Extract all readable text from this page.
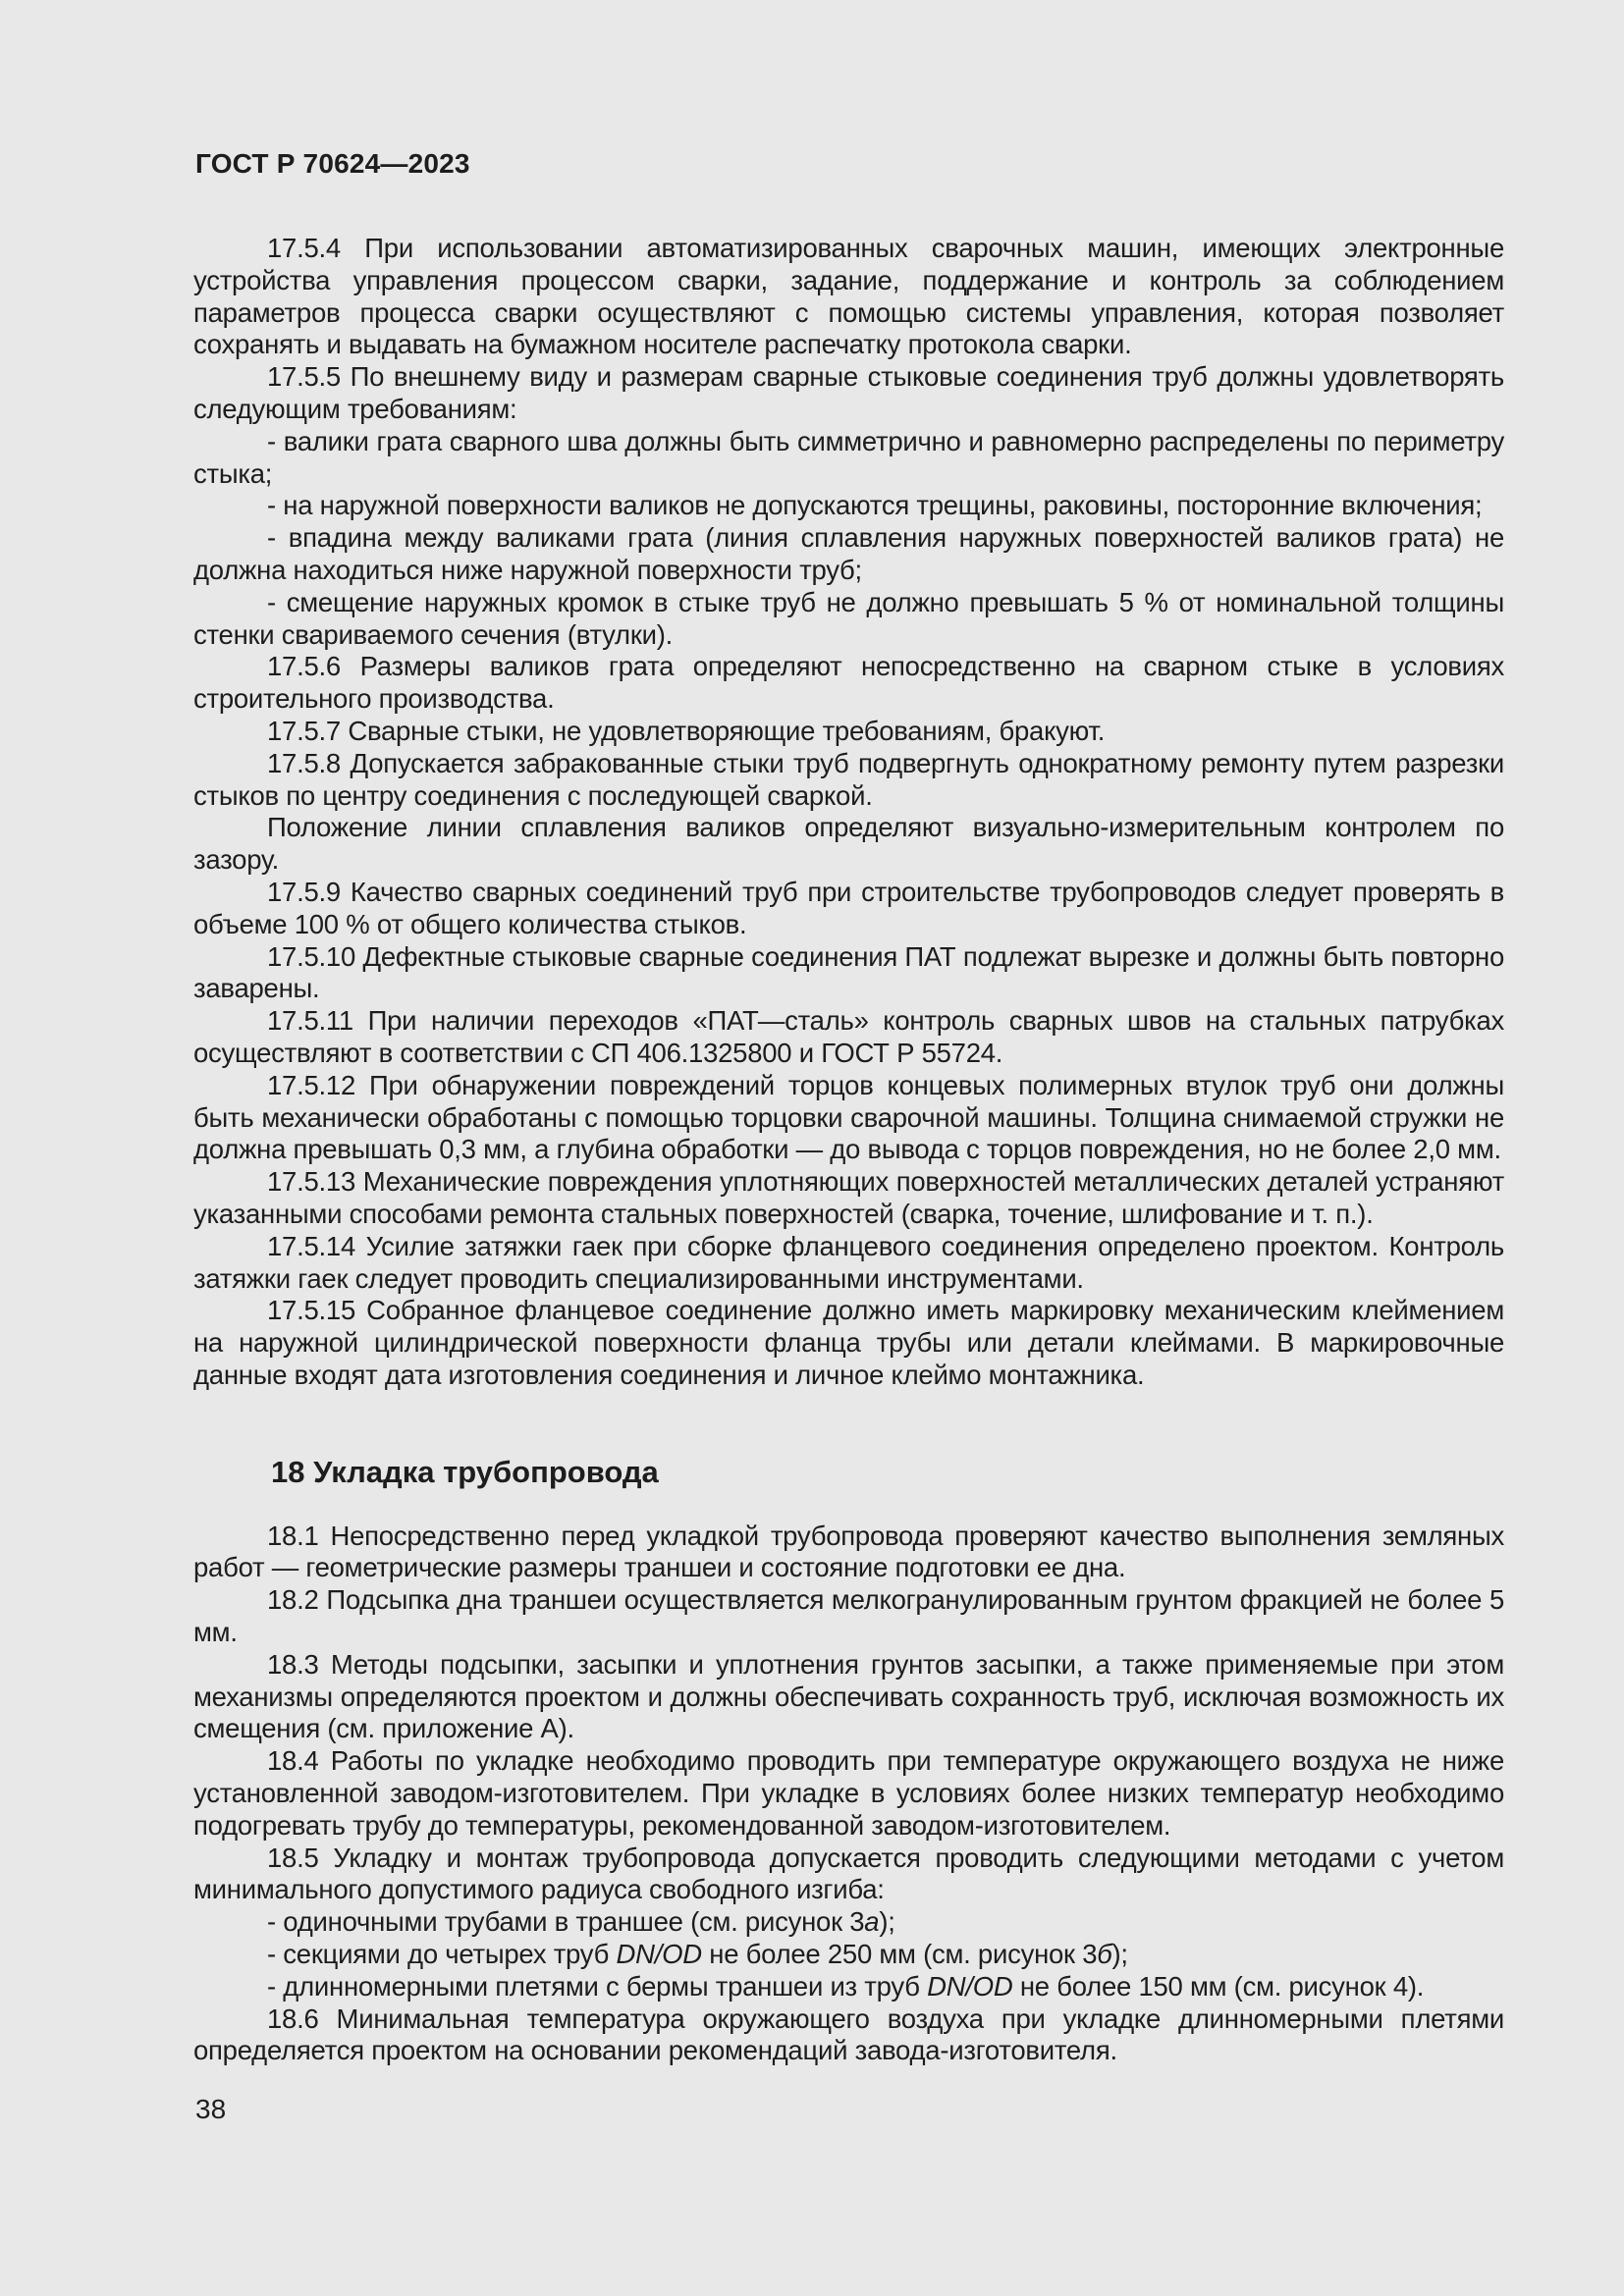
ГОСТ Р 70624—2023

17.5.4 При использовании автоматизированных сварочных машин, имеющих электронные устройства управления процессом сварки, задание, поддержание и контроль за соблюдением параметров процесса сварки осуществляют с помощью системы управления, которая позволяет сохранять и выдавать на бумажном носителе распечатку протокола сварки.

17.5.5 По внешнему виду и размерам сварные стыковые соединения труб должны удовлетворять следующим требованиям:

- валики грата сварного шва должны быть симметрично и равномерно распределены по периметру стыка;

- на наружной поверхности валиков не допускаются трещины, раковины, посторонние включения;

- впадина между валиками грата (линия сплавления наружных поверхностей валиков грата) не должна находиться ниже наружной поверхности труб;

- смещение наружных кромок в стыке труб не должно превышать 5 % от номинальной толщины стенки свариваемого сечения (втулки).

17.5.6 Размеры валиков грата определяют непосредственно на сварном стыке в условиях строительного производства.

17.5.7 Сварные стыки, не удовлетворяющие требованиям, бракуют.

17.5.8 Допускается забракованные стыки труб подвергнуть однократному ремонту путем разрезки стыков по центру соединения с последующей сваркой.

Положение линии сплавления валиков определяют визуально-измерительным контролем по зазору.

17.5.9 Качество сварных соединений труб при строительстве трубопроводов следует проверять в объеме 100 % от общего количества стыков.

17.5.10 Дефектные стыковые сварные соединения ПАТ подлежат вырезке и должны быть повторно заварены.

17.5.11 При наличии переходов «ПАТ—сталь» контроль сварных швов на стальных патрубках осуществляют в соответствии с СП 406.1325800 и ГОСТ Р 55724.

17.5.12 При обнаружении повреждений торцов концевых полимерных втулок труб они должны быть механически обработаны с помощью торцовки сварочной машины. Толщина снимаемой стружки не должна превышать 0,3 мм, а глубина обработки — до вывода с торцов повреждения, но не более 2,0 мм.

17.5.13 Механические повреждения уплотняющих поверхностей металлических деталей устраняют указанными способами ремонта стальных поверхностей (сварка, точение, шлифование и т. п.).

17.5.14 Усилие затяжки гаек при сборке фланцевого соединения определено проектом. Контроль затяжки гаек следует проводить специализированными инструментами.

17.5.15 Собранное фланцевое соединение должно иметь маркировку механическим клеймением на наружной цилиндрической поверхности фланца трубы или детали клеймами. В маркировочные данные входят дата изготовления соединения и личное клеймо монтажника.

18 Укладка трубопровода

18.1 Непосредственно перед укладкой трубопровода проверяют качество выполнения земляных работ — геометрические размеры траншеи и состояние подготовки ее дна.

18.2 Подсыпка дна траншеи осуществляется мелкогранулированным грунтом фракцией не более 5 мм.

18.3 Методы подсыпки, засыпки и уплотнения грунтов засыпки, а также применяемые при этом механизмы определяются проектом и должны обеспечивать сохранность труб, исключая возможность их смещения (см. приложение А).

18.4 Работы по укладке необходимо проводить при температуре окружающего воздуха не ниже установленной заводом-изготовителем. При укладке в условиях более низких температур необходимо подогревать трубу до температуры, рекомендованной заводом-изготовителем.

18.5 Укладку и монтаж трубопровода допускается проводить следующими методами с учетом минимального допустимого радиуса свободного изгиба:

- одиночными трубами в траншее (см. рисунок 3а);

- секциями до четырех труб DN/OD не более 250 мм (см. рисунок 3б);

- длинномерными плетями с бермы траншеи из труб DN/OD не более 150 мм (см. рисунок 4).

18.6 Минимальная температура окружающего воздуха при укладке длинномерными плетями определяется проектом на основании рекомендаций завода-изготовителя.

38
